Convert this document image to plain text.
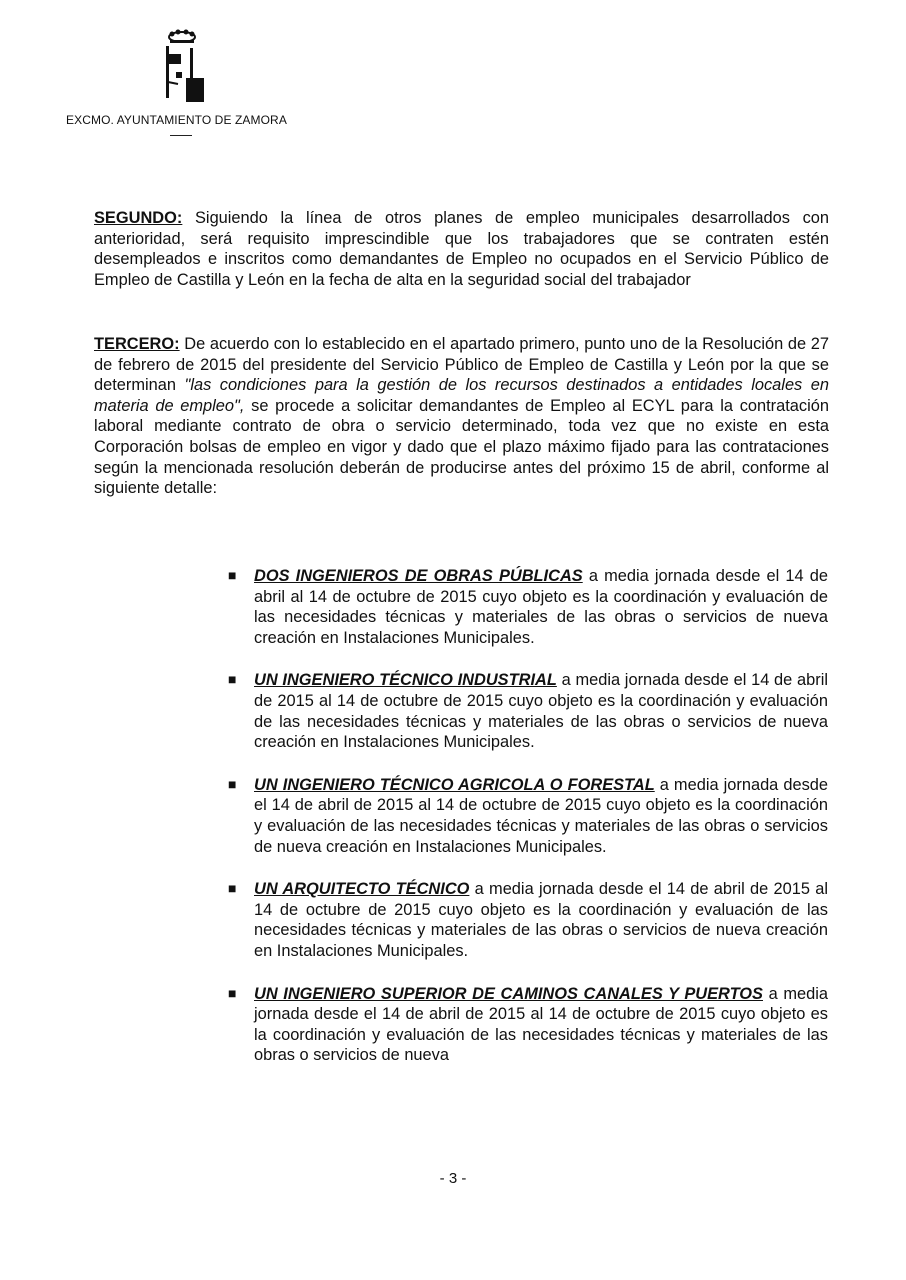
EXCMO. AYUNTAMIENTO DE ZAMORA
SEGUNDO: Siguiendo la línea de otros planes de empleo municipales desarrollados con anterioridad, será requisito imprescindible que los trabajadores que se contraten estén desempleados e inscritos como demandantes de Empleo no ocupados en el Servicio Público de Empleo de Castilla y León en la fecha de alta en la seguridad social del trabajador
TERCERO: De acuerdo con lo establecido en el apartado primero, punto uno de la Resolución de 27 de febrero de 2015 del presidente del Servicio Público de Empleo de Castilla y León por la que se determinan "las condiciones para la gestión de los recursos destinados a entidades locales en materia de empleo", se procede a solicitar demandantes de Empleo al ECYL para la contratación laboral mediante contrato de obra o servicio determinado, toda vez que no existe en esta Corporación bolsas de empleo en vigor y dado que el plazo máximo fijado para las contrataciones según la mencionada resolución deberán de producirse antes del próximo 15 de abril, conforme al siguiente detalle:
■ DOS INGENIEROS DE OBRAS PÚBLICAS a media jornada desde el 14 de abril al 14 de octubre de 2015 cuyo objeto es la coordinación y evaluación de las necesidades técnicas y materiales de las obras o servicios de nueva creación en Instalaciones Municipales.
■ UN INGENIERO TÉCNICO INDUSTRIAL a media jornada desde el 14 de abril de 2015 al 14 de octubre de 2015 cuyo objeto es la coordinación y evaluación de las necesidades técnicas y materiales de las obras o servicios de nueva creación en Instalaciones Municipales.
■ UN INGENIERO TÉCNICO AGRICOLA O FORESTAL a media jornada desde el 14 de abril de 2015 al 14 de octubre de 2015 cuyo objeto es la coordinación y evaluación de las necesidades técnicas y materiales de las obras o servicios de nueva creación en Instalaciones Municipales.
■ UN ARQUITECTO TÉCNICO a media jornada desde el 14 de abril de 2015 al 14 de octubre de 2015 cuyo objeto es la coordinación y evaluación de las necesidades técnicas y materiales de las obras o servicios de nueva creación en Instalaciones Municipales.
■ UN INGENIERO SUPERIOR DE CAMINOS CANALES Y PUERTOS a media jornada desde el 14 de abril de 2015 al 14 de octubre de 2015 cuyo objeto es la coordinación y evaluación de las necesidades técnicas y materiales de las obras o servicios de nueva
- 3 -
